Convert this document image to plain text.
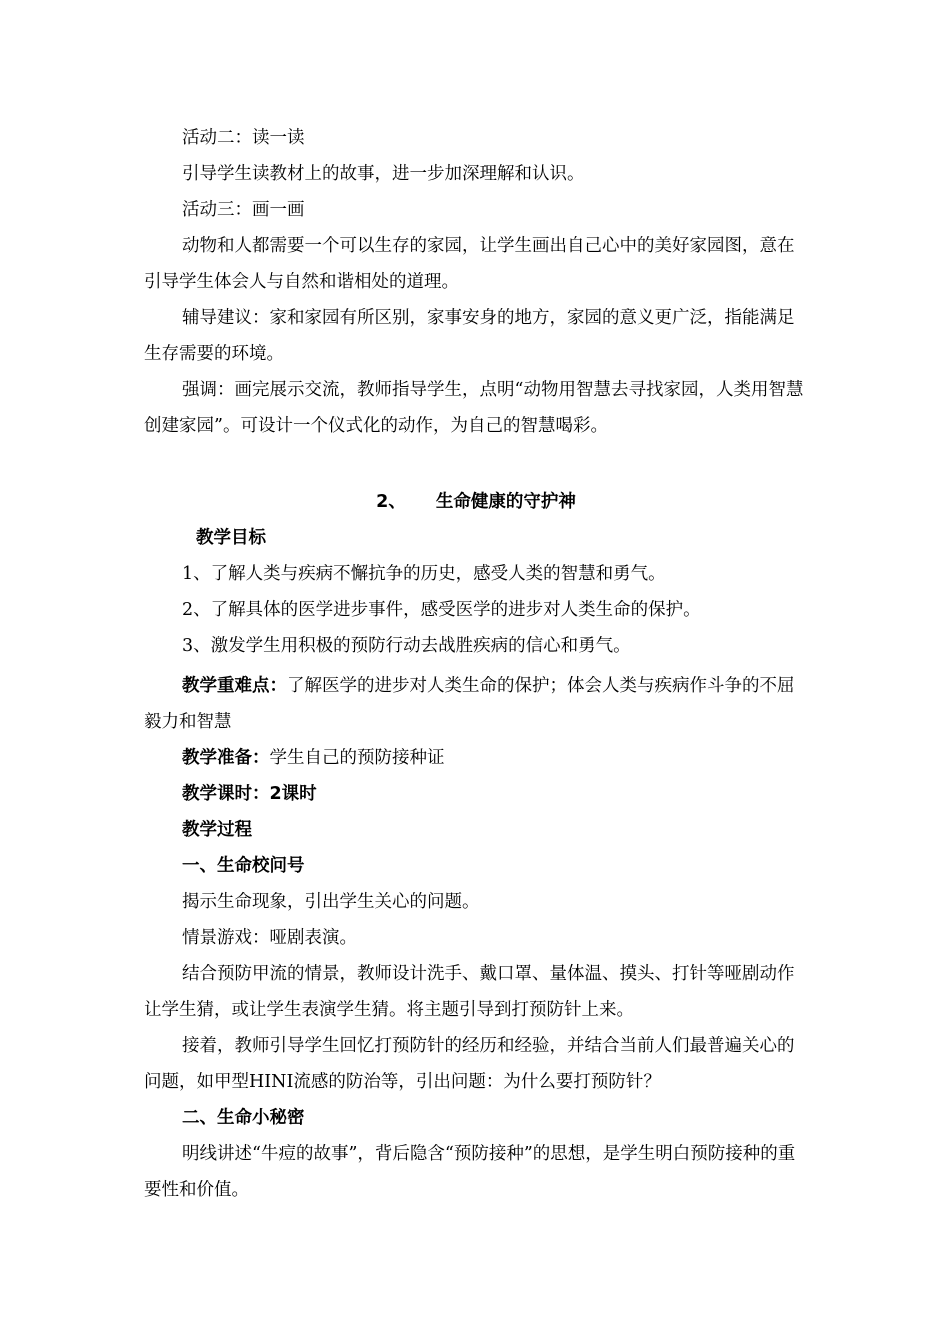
活动二：读一读

引导学生读教材上的故事，进一步加深理解和认识。

活动三：画一画

动物和人都需要一个可以生存的家园，让学生画出自己心中的美好家园图，意在引导学生体会人与自然和谐相处的道理。

辅导建议：家和家园有所区别，家事安身的地方，家园的意义更广泛，指能满足生存需要的环境。

强调：画完展示交流，教师指导学生，点明“动物用智慧去寻找家园，人类用智慧创建家园”。可设计一个仪式化的动作，为自己的智慧喝彩。

2、 生命健康的守护神

教学目标

1、了解人类与疾病不懈抗争的历史，感受人类的智慧和勇气。

2、了解具体的医学进步事件，感受医学的进步对人类生命的保护。

3、激发学生用积极的预防行动去战胜疾病的信心和勇气。

教学重难点：了解医学的进步对人类生命的保护；体会人类与疾病作斗争的不屈毅力和智慧

教学准备：学生自己的预防接种证

教学课时：2课时

教学过程

一、生命校问号

揭示生命现象，引出学生关心的问题。

情景游戏：哑剧表演。

结合预防甲流的情景，教师设计洗手、戴口罩、量体温、摸头、打针等哑剧动作让学生猜，或让学生表演学生猜。将主题引导到打预防针上来。

接着，教师引导学生回忆打预防针的经历和经验，并结合当前人们最普遍关心的问题，如甲型HINI流感的防治等，引出问题：为什么要打预防针？

二、生命小秘密

明线讲述“牛痘的故事”，背后隐含“预防接种”的思想，是学生明白预防接种的重要性和价值。
